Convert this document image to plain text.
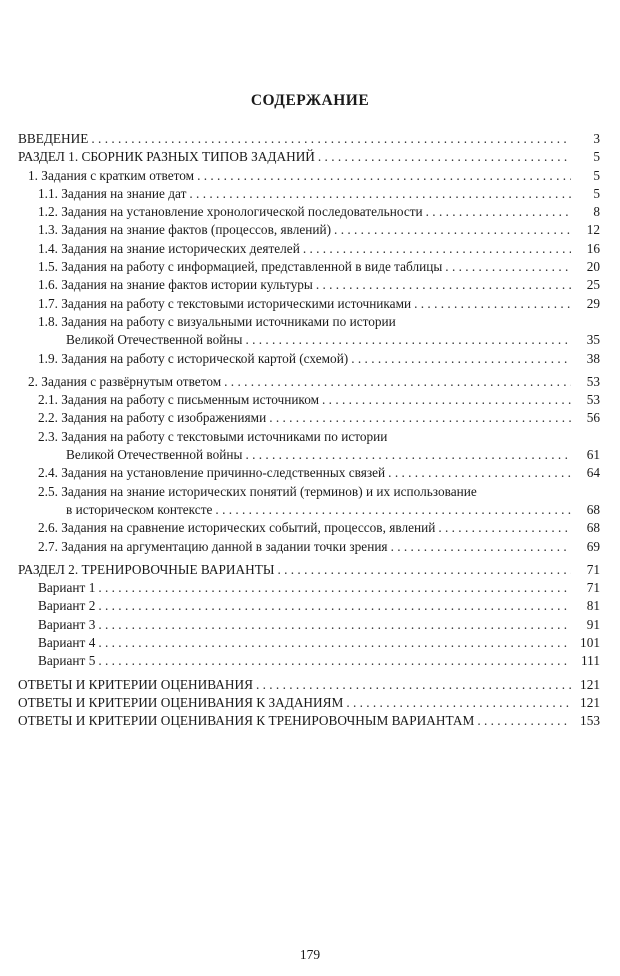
СОДЕРЖАНИЕ
ВВЕДЕНИЕ . . .	3
РАЗДЕЛ 1. СБОРНИК РАЗНЫХ ТИПОВ ЗАДАНИЙ . . .	5
1. Задания с кратким ответом . . .	5
1.1. Задания на знание дат . . .	5
1.2. Задания на установление хронологической последовательности . . .	8
1.3. Задания на знание фактов (процессов, явлений) . . .	12
1.4. Задания на знание исторических деятелей . . .	16
1.5. Задания на работу с информацией, представленной в виде таблицы . . .	20
1.6. Задания на знание фактов истории культуры . . .	25
1.7. Задания на работу с текстовыми историческими источниками . . .	29
1.8. Задания на работу с визуальными источниками по истории
Великой Отечественной войны . . .	35
1.9. Задания на работу с исторической картой (схемой) . . .	38
2. Задания с развёрнутым ответом . . .	53
2.1. Задания на работу с письменным источником . . .	53
2.2. Задания на работу с изображениями . . .	56
2.3. Задания на работу с текстовыми источниками по истории
Великой Отечественной войны . . .	61
2.4. Задания на установление причинно-следственных связей . . .	64
2.5. Задания на знание исторических понятий (терминов) и их использование
в историческом контексте . . .	68
2.6. Задания на сравнение исторических событий, процессов, явлений . . .	68
2.7. Задания на аргументацию данной в задании точки зрения . . .	69
РАЗДЕЛ 2. ТРЕНИРОВОЧНЫЕ ВАРИАНТЫ . . .	71
Вариант 1 . . .	71
Вариант 2 . . .	81
Вариант 3 . . .	91
Вариант 4 . . .	101
Вариант 5 . . .	111
ОТВЕТЫ И КРИТЕРИИ ОЦЕНИВАНИЯ . . .	121
ОТВЕТЫ И КРИТЕРИИ ОЦЕНИВАНИЯ К ЗАДАНИЯМ . . .	121
ОТВЕТЫ И КРИТЕРИИ ОЦЕНИВАНИЯ К ТРЕНИРОВОЧНЫМ ВАРИАНТАМ . . .	153
179
